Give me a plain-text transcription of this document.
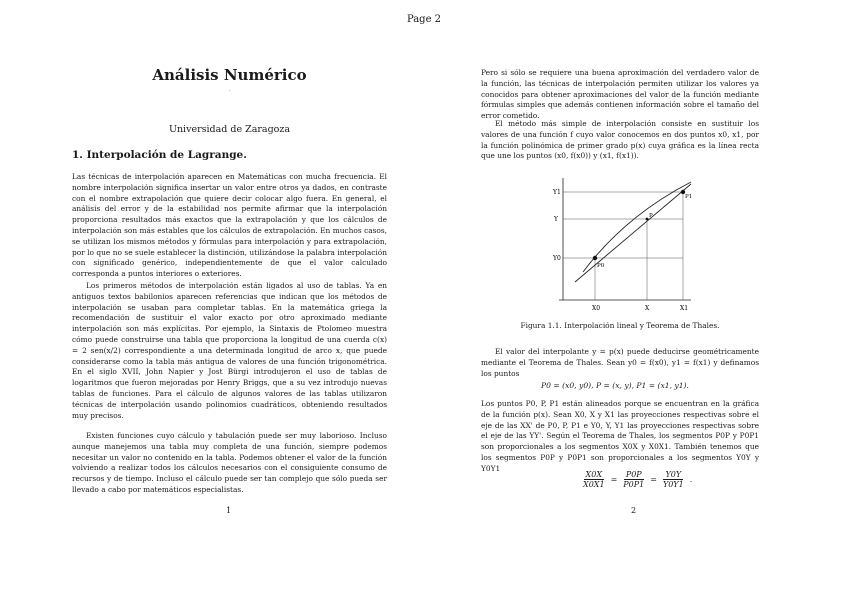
Page 2
Análisis Numérico
·
Universidad de Zaragoza
1. Interpolación de Lagrange.

Las técnicas de interpolación aparecen en Matemáticas con mucha frecuencia. El nombre interpolación significa insertar un valor entre otros ya dados, en contraste con el nombre extrapolación que quiere decir colocar algo fuera. En general, el análisis del error y de la estabilidad nos permite afirmar que la interpolación proporciona resultados más exactos que la extrapolación y que los cálculos de interpolación son más estables que los cálculos de extrapolación. En muchos casos, se utilizan los mismos métodos y fórmulas para interpolación y para extrapolación, por lo que no se suele establecer la distinción, utilizándose la palabra interpolación con significado genérico, independientemente de que el valor calculado corresponda a puntos interiores o exteriores.

Los primeros métodos de interpolación están ligados al uso de tablas. Ya en antiguos textos babilonios aparecen referencias que indican que los métodos de interpolación se usaban para completar tablas. En la matemática griega la recomendación de sustituir el valor exacto por otro aproximado mediante interpolación son más explícitas. Por ejemplo, la Sintaxis de Ptolomeo muestra cómo puede construirse una tabla que proporciona la longitud de una cuerda c(x) = 2 sen(x/2) correspondiente a una determinada longitud de arco x, que puede considerarse como la tabla más antigua de valores de una función trigonométrica. En el siglo XVII, John Napier y Jost Bürgi introdujeron el uso de tablas de logaritmos que fueron mejoradas por Henry Briggs, que a su vez introdujo nuevas tablas de funciones. Para el cálculo de algunos valores de las tablas utilizaron técnicas de interpolación usando polinomios cuadráticos, obteniendo resultados muy precisos.

Existen funciones cuyo cálculo y tabulación puede ser muy laborioso. Incluso aunque manejemos una tabla muy completa de una función, siempre podemos necesitar un valor no contenido en la tabla. Podemos obtener el valor de la función volviendo a realizar todos los cálculos necesarios con el consiguiente consumo de recursos y de tiempo. Incluso el cálculo puede ser tan complejo que sólo pueda ser llevado a cabo por matemáticos especialistas.

1

Pero si sólo se requiere una buena aproximación del verdadero valor de la función, las técnicas de interpolación permiten utilizar los valores ya conocidos para obtener aproximaciones del valor de la función mediante fórmulas simples que además contienen información sobre el tamaño del error cometido.

El método más simple de interpolación consiste en sustituir los valores de una función f cuyo valor conocemos en dos puntos x0, x1, por la función polinómica de primer grado p(x) cuya gráfica es la línea recta que une los puntos (x0, f(x0)) y (x1, f(x1)).

Y1
Y
Y0
X0	X	X1
P0
P
P1
Figura 1.1. Interpolación lineal y Teorema de Thales.

El valor del interpolante y = p(x) puede deducirse geométricamente mediante el Teorema de Thales. Sean y0 = f(x0), y1 = f(x1) y definamos los puntos

P0 = (x0, y0), P = (x, y), P1 = (x1, y1).

Los puntos P0, P, P1 están alineados porque se encuentran en la gráfica de la función p(x). Sean X0, X y X1 las proyecciones respectivas sobre el eje de las XX' de P0, P, P1 e Y0, Y, Y1 las proyecciones respectivas sobre el eje de las YY'. Según el Teorema de Thales, los segmentos P0P y P0P1 son proporcionales a los segmentos X0X y X0X1. También tenemos que los segmentos P0P y P0P1 son proporcionales a los segmentos Y0Y y Y0Y1

$\frac{X0X}{X0X1} = \frac{P0P}{P0P1} = \frac{Y0Y}{Y0Y1}$ .
2
